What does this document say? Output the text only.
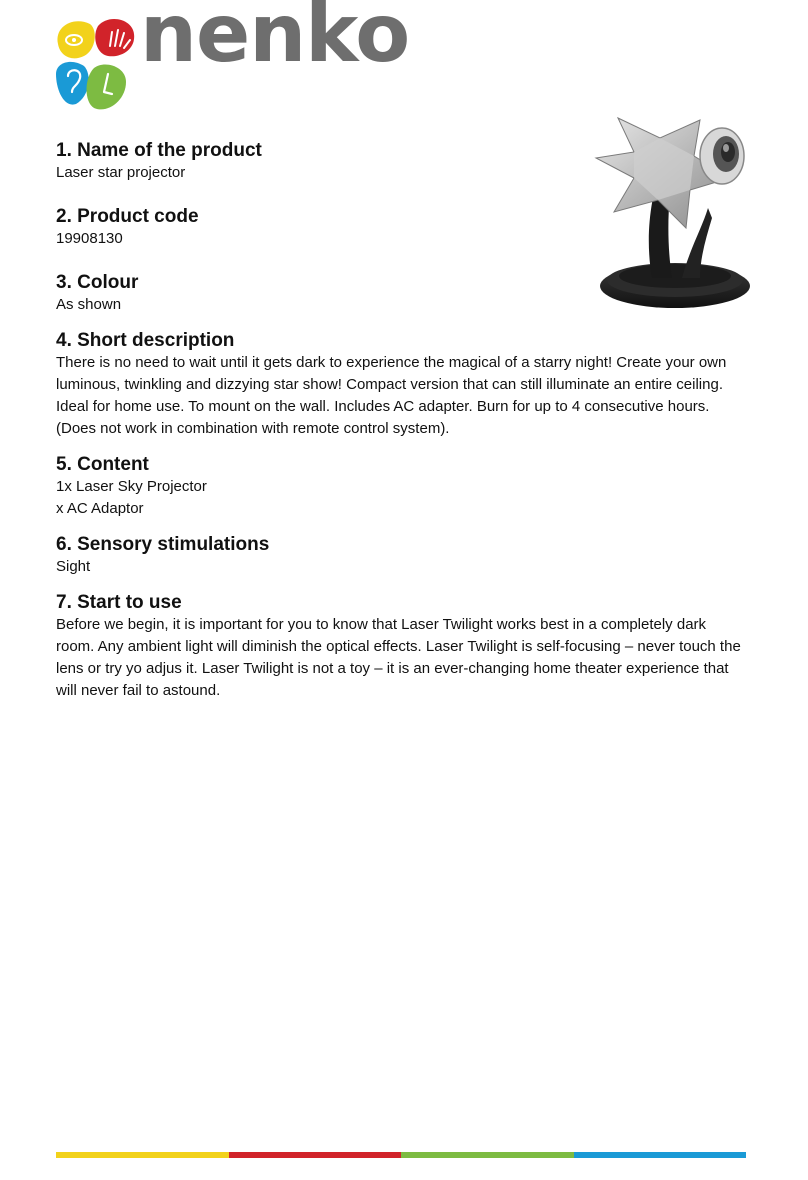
nenko
1. Name of the product

Laser star projector

2. Product code

19908130

3. Colour

As shown

4. Short description

There is no need to wait until it gets dark to experience the magical of a starry night! Create your own luminous, twinkling and dizzying star show! Compact version that can still illuminate an entire ceiling. Ideal for home use. To mount on the wall. Includes AC adapter. Burn for up to 4 consecutive hours. (Does not work in combination with remote control system).

5. Content

1x Laser Sky Projector

x AC Adaptor

6. Sensory stimulations

Sight

7. Start to use

Before we begin, it is important for you to know that Laser Twilight works best in a completely dark room. Any ambient light will diminish the optical effects. Laser Twilight is self-focusing – never touch the lens or try yo adjus it. Laser Twilight is not a toy – it is an ever-changing home theater experience that will never fail to astound.
